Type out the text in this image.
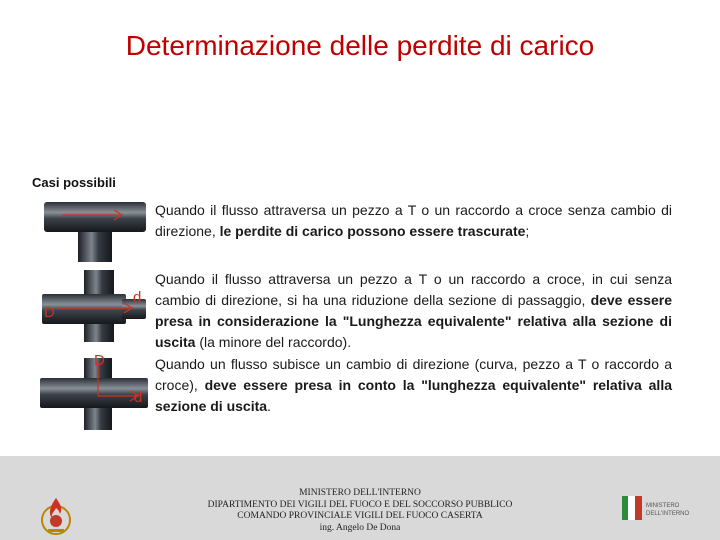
Determinazione delle perdite di carico
Casi possibili
D
d
D
d
Quando il flusso attraversa un pezzo a T o un raccordo a croce senza cambio di direzione, le perdite di carico possono essere trascurate;
Quando il flusso attraversa un pezzo a T o un raccordo a croce, in cui senza cambio di direzione, si ha una riduzione della sezione di passaggio, deve essere presa in considerazione la "Lunghezza equivalente" relativa alla sezione di uscita (la minore del raccordo).
Quando un flusso subisce un cambio di direzione (curva, pezzo a T o raccordo a croce), deve essere presa in conto la "lunghezza equivalente" relativa alla sezione di uscita.
MINISTERO DELL'INTERNO
DIPARTIMENTO DEI VIGILI DEL FUOCO E DEL SOCCORSO PUBBLICO
COMANDO PROVINCIALE VIGILI DEL FUOCO CASERTA
ing. Angelo De Dona
MINISTERO
DELL'INTERNO
